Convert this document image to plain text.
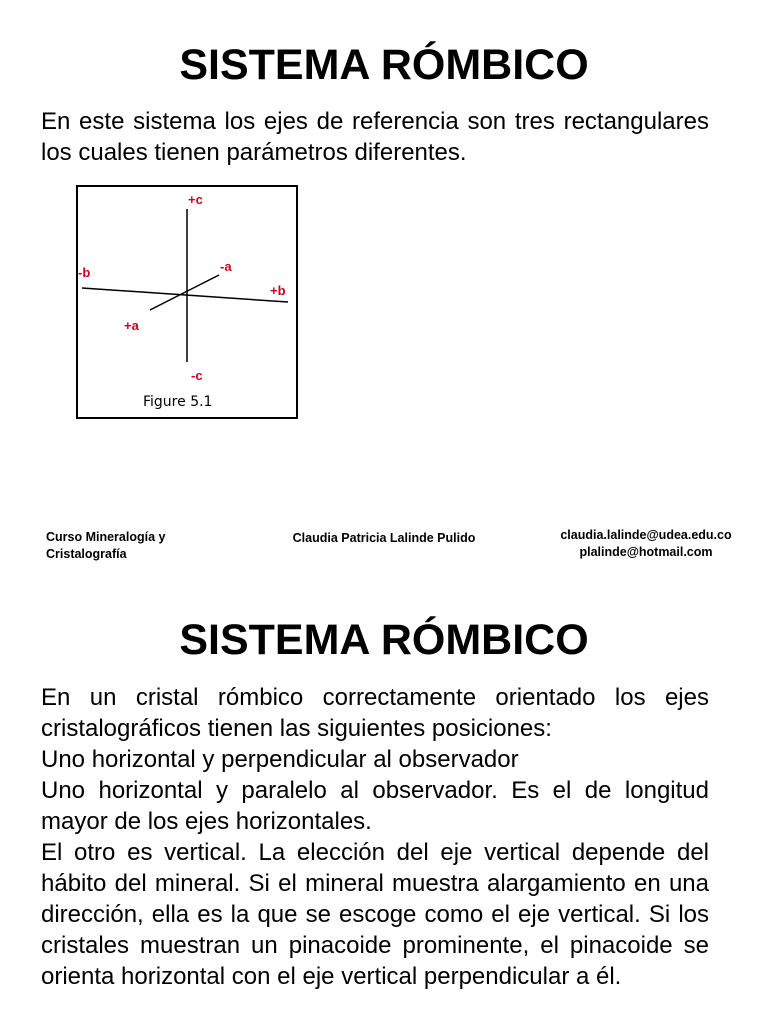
SISTEMA RÓMBICO

En este sistema los ejes de referencia son tres rectangulares los cuales tienen parámetros diferentes.

+c
-c
-b
+b
-a
+a
Figure 5.1
Curso Mineralogía y
Cristalografía
Claudia Patricia Lalinde Pulido	claudia.lalinde@udea.edu.co
plalinde@hotmail.com
SISTEMA RÓMBICO
En un cristal rómbico correctamente orientado los ejes cristalográficos tienen las siguientes posiciones:
Uno horizontal y perpendicular al observador
Uno horizontal y paralelo al observador. Es el de longitud mayor de los ejes horizontales.
El otro es vertical. La elección del eje vertical depende del hábito del mineral. Si el mineral muestra alargamiento en una dirección, ella es la que se escoge como el eje vertical. Si los cristales muestran un pinacoide prominente, el pinacoide se orienta horizontal con el eje vertical perpendicular a él.
